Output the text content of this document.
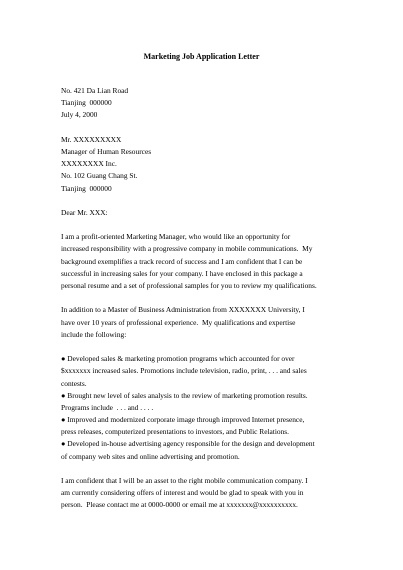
Marketing Job Application Letter

No. 421 Da Lian Road

Tianjing  000000

July 4, 2000

Mr. XXXXXXXXX

Manager of Human Resources

XXXXXXXX Inc.

No. 102 Guang Chang St.

Tianjing  000000

Dear Mr. XXX:

I am a profit-oriented Marketing Manager, who would like an opportunity for

increased responsibility with a progressive company in mobile communications.  My

background exemplifies a track record of success and I am confident that I can be

successful in increasing sales for your company. I have enclosed in this package a

personal resume and a set of professional samples for you to review my qualifications.

In addition to a Master of Business Administration from XXXXXXX University, I

have over 10 years of professional experience.  My qualifications and expertise

include the following:

● Developed sales & marketing promotion programs which accounted for over

$xxxxxxx increased sales. Promotions include television, radio, print, . . . and sales

contests.

● Brought new level of sales analysis to the review of marketing promotion results.

Programs include  . . . and . . . .

● Improved and modernized corporate image through improved Internet presence,

press releases, computerized presentations to investors, and Public Relations.

● Developed in-house advertising agency responsible for the design and development

of company web sites and online advertising and promotion.

I am confident that I will be an asset to the right mobile communication company. I

am currently considering offers of interest and would be glad to speak with you in

person.  Please contact me at 0000-0000 or email me at xxxxxxx@xxxxxxxxxx.
